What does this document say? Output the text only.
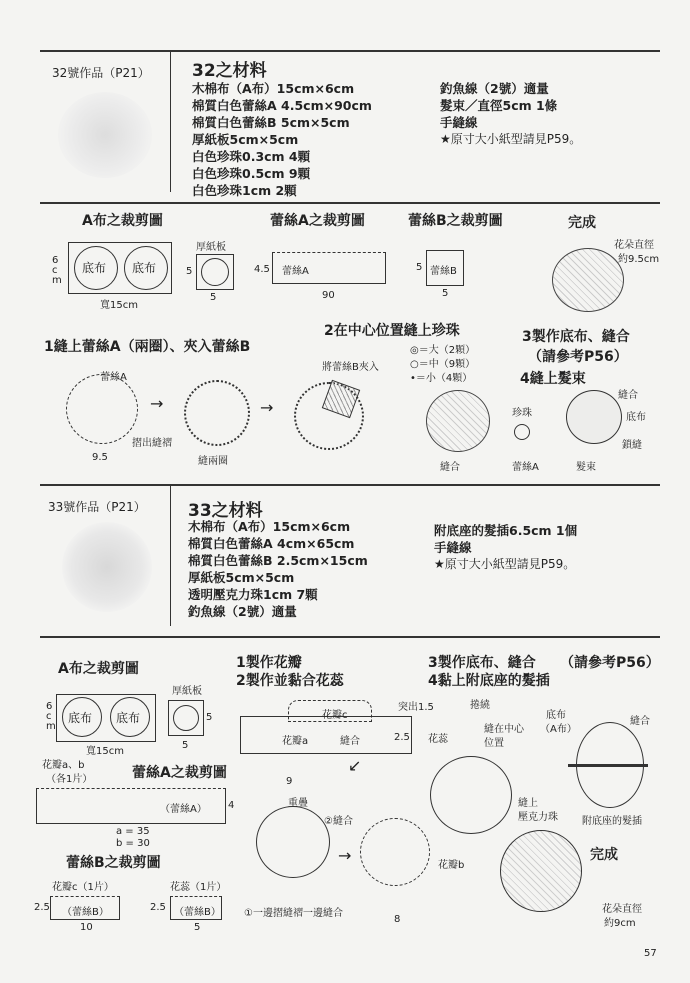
32號作品（P21） 32之材料
木棉布（A布）15cm×6cm
棉質白色蕾絲A 4.5cm×90cm
棉質白色蕾絲B 5cm×5cm
厚紙板5cm×5cm
白色珍珠0.3cm 4顆
白色珍珠0.5cm 9顆
白色珍珠1cm 2顆
釣魚線（2號）適量
髮束／直徑5cm 1條
手縫線
★原寸大小紙型請見P59。
A布之裁剪圖	蕾絲A之裁剪圖	蕾絲B之裁剪圖	完成
6cm
底布 底布
寬15cm
厚紙板
5
5
4.5 蕾絲A
90
蕾絲B
5
5
花朵直徑
約9.5cm
1縫上蕾絲A（兩圈）、夾入蕾絲B
2在中心位置縫上珍珠	3製作底布、縫合
（請參考P56）
4縫上髮束
蕾絲A
摺出縫褶
9.5
→
縫兩圈
→
將蕾絲B夾入
◎＝大（2顆）
○＝中（9顆）
•＝小（4顆）
縫合
珍珠
蕾絲A
縫合
底布
鎖縫
髮束
33號作品（P21） 33之材料
木棉布（A布）15cm×6cm
棉質白色蕾絲A 4cm×65cm
棉質白色蕾絲B 2.5cm×15cm
厚紙板5cm×5cm
透明壓克力珠1cm 7顆
釣魚線（2號）適量
附底座的髮插6.5cm 1個
手縫線
★原寸大小紙型請見P59。
A布之裁剪圖
6cm
底布 底布
寬15cm
厚紙板
5
5
花瓣a、b
（各1片）	蕾絲A之裁剪圖
（蕾絲A） 4
a = 35
b = 30
蕾絲B之裁剪圖
花瓣c（1片）	花蕊（1片）
（蕾絲B）	（蕾絲B）
2.5	2.5
10	5
1製作花瓣
2製作並黏合花蕊
3製作底布、縫合 （請參考P56）
4黏上附底座的髮插
花瓣c
突出1.5
花瓣a	縫合	2.5
↙
9
重疊
②縫合
→
花瓣b
①一邊摺縫褶一邊縫合
8
捲繞
花蕊
縫在中心
位置
縫上
壓克力珠
底布
（A布）
縫合
附底座的髮插
完成
花朵直徑
約9cm
57
